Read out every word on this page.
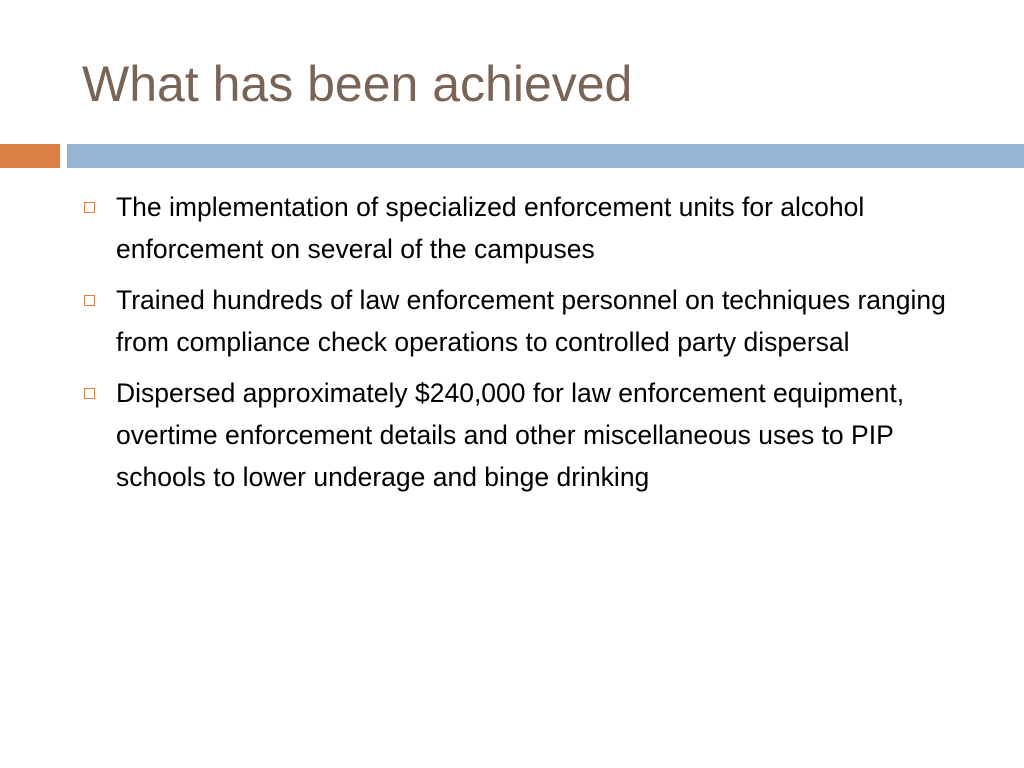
What has been achieved
The implementation of specialized enforcement units for alcohol enforcement on several of the campuses
Trained hundreds of law enforcement personnel on techniques ranging from compliance check operations to controlled party dispersal
Dispersed approximately $240,000 for law enforcement equipment, overtime enforcement details and other miscellaneous uses to PIP schools to lower underage and binge drinking
